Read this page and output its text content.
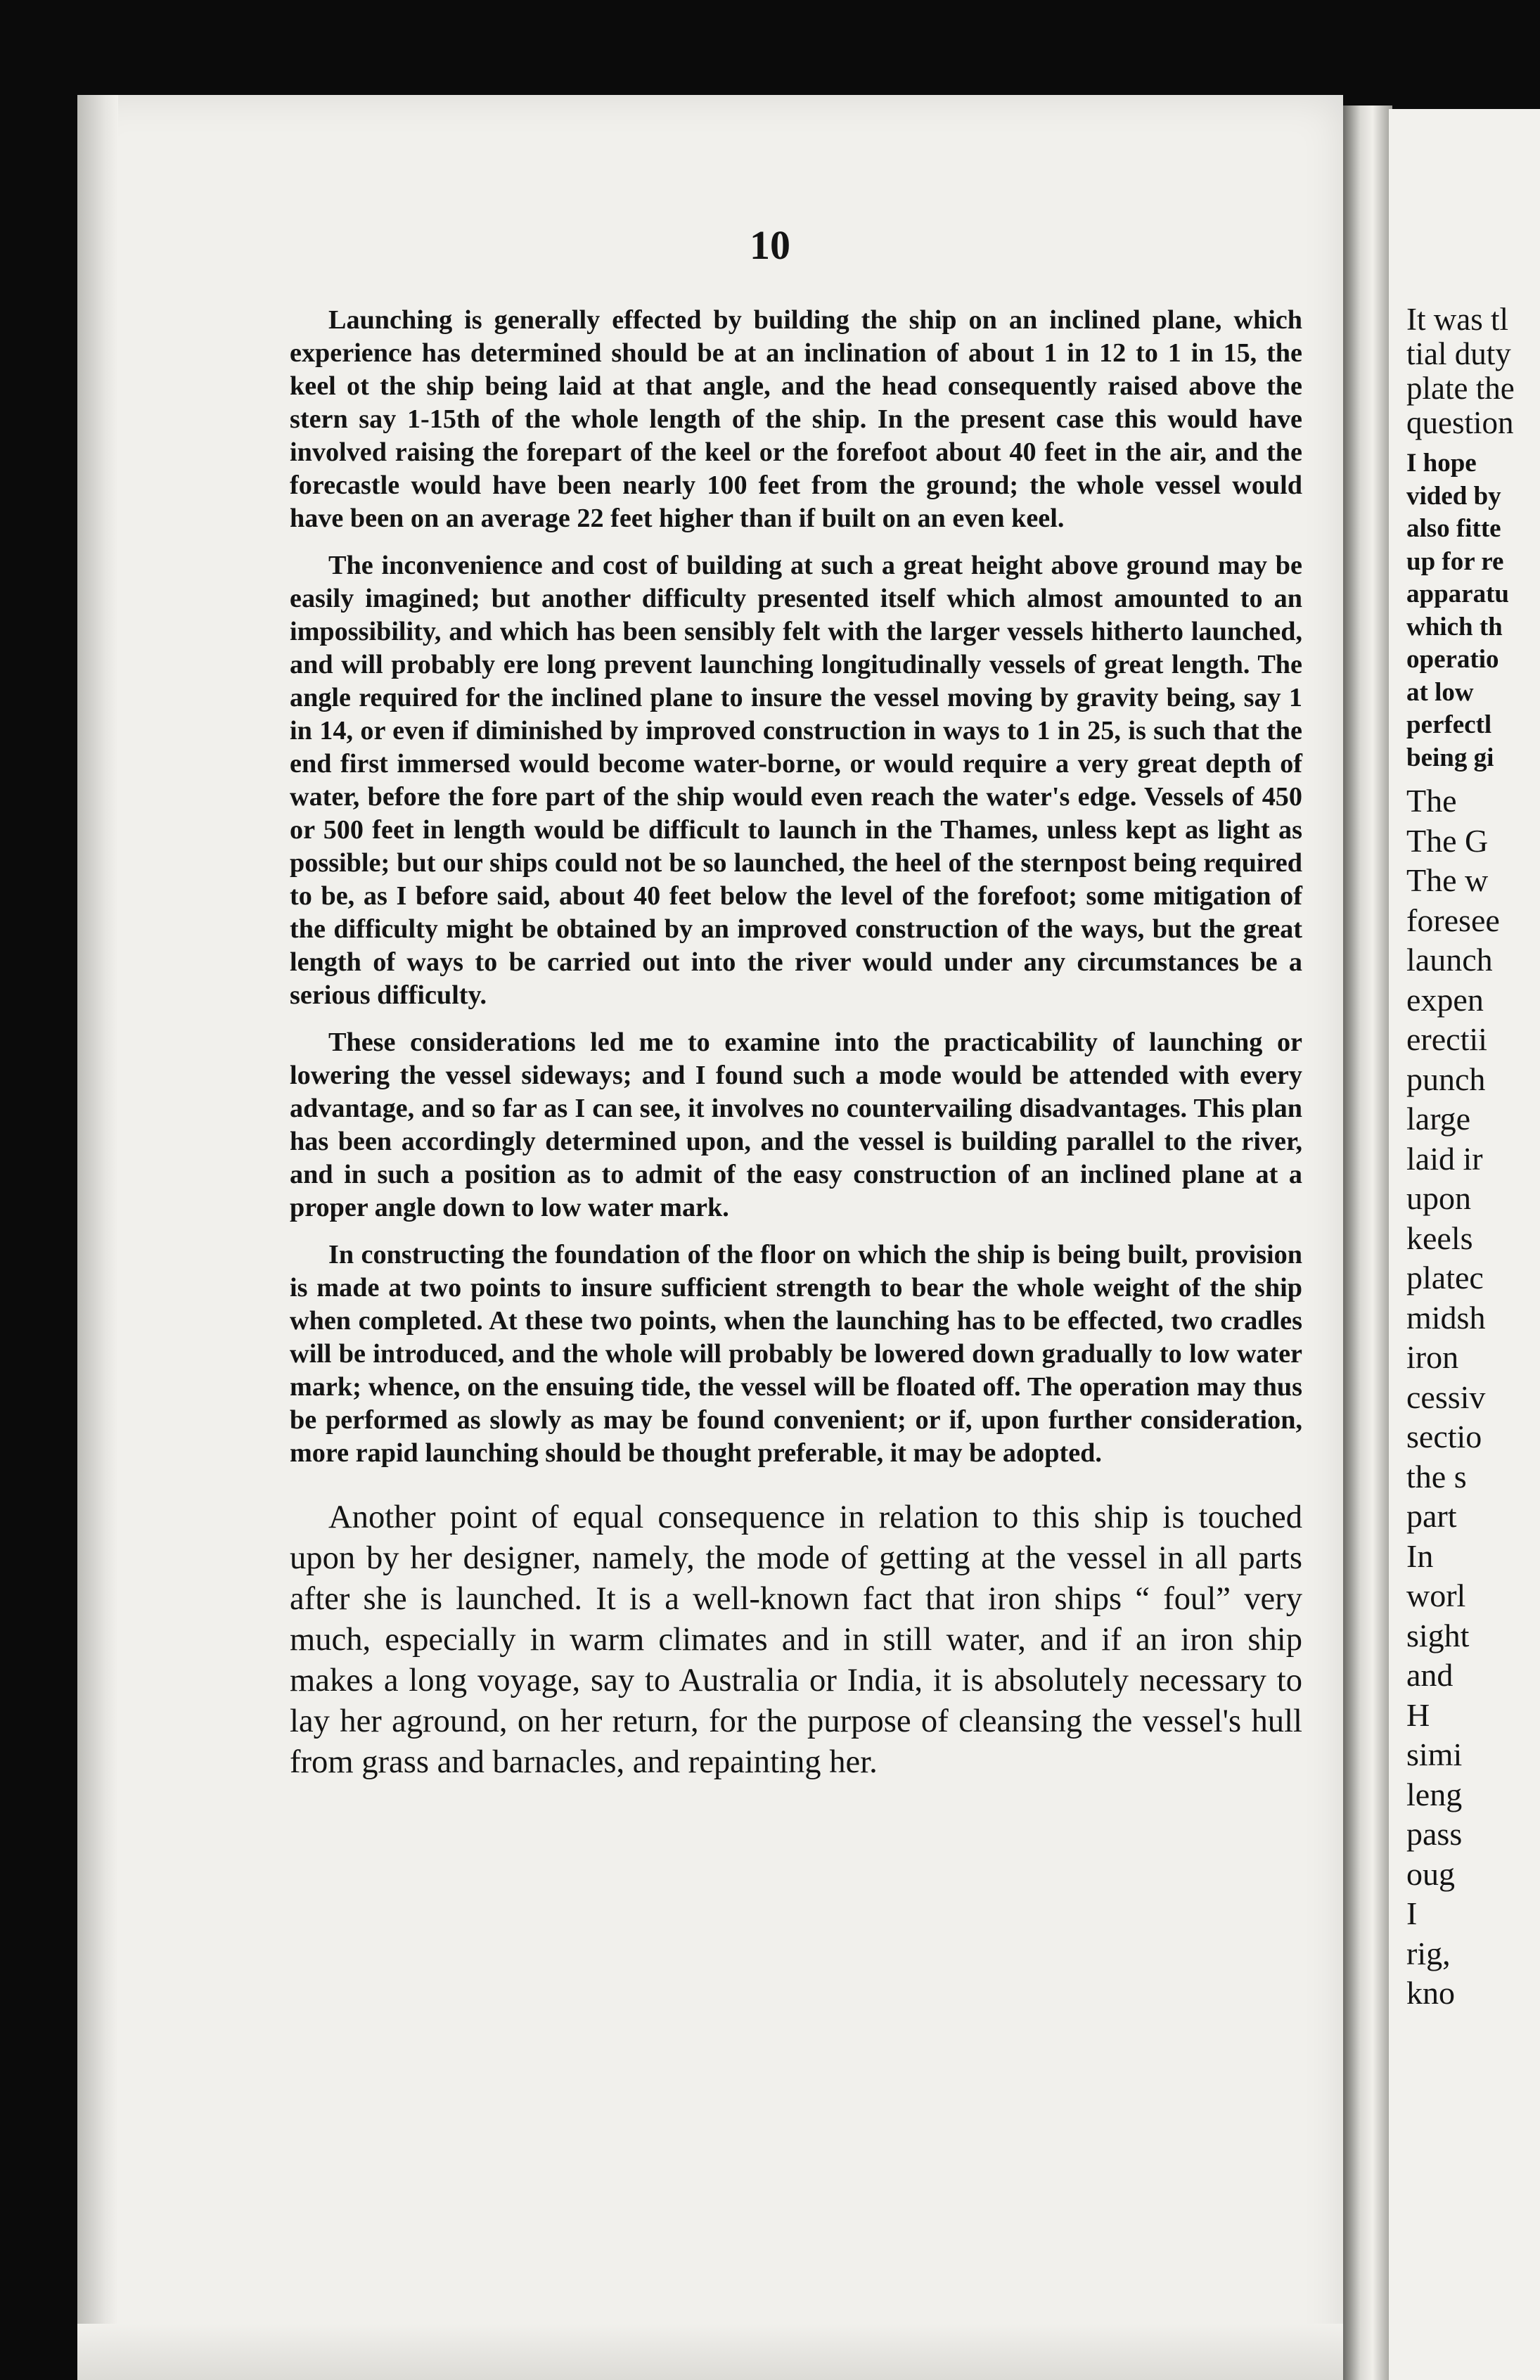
10

Launching is generally effected by building the ship on an inclined plane, which experience has determined should be at an inclination of about 1 in 12 to 1 in 15, the keel ot the ship being laid at that angle, and the head consequently raised above the stern say 1-15th of the whole length of the ship. In the present case this would have involved raising the forepart of the keel or the forefoot about 40 feet in the air, and the forecastle would have been nearly 100 feet from the ground; the whole vessel would have been on an average 22 feet higher than if built on an even keel.

The inconvenience and cost of building at such a great height above ground may be easily imagined; but another difficulty presented itself which almost amounted to an impossibility, and which has been sensibly felt with the larger vessels hitherto launched, and will probably ere long prevent launching longitudinally vessels of great length. The angle required for the inclined plane to insure the vessel moving by gravity being, say 1 in 14, or even if diminished by improved construction in ways to 1 in 25, is such that the end first immersed would become water-borne, or would require a very great depth of water, before the fore part of the ship would even reach the water's edge. Vessels of 450 or 500 feet in length would be difficult to launch in the Thames, unless kept as light as possible; but our ships could not be so launched, the heel of the sternpost being required to be, as I before said, about 40 feet below the level of the forefoot; some mitigation of the difficulty might be obtained by an improved construction of the ways, but the great length of ways to be carried out into the river would under any circumstances be a serious difficulty.

These considerations led me to examine into the practicability of launching or lowering the vessel sideways; and I found such a mode would be attended with every advantage, and so far as I can see, it involves no countervailing disadvantages. This plan has been accordingly determined upon, and the vessel is building parallel to the river, and in such a position as to admit of the easy construction of an inclined plane at a proper angle down to low water mark.

In constructing the foundation of the floor on which the ship is being built, provision is made at two points to insure sufficient strength to bear the whole weight of the ship when completed. At these two points, when the launching has to be effected, two cradles will be introduced, and the whole will probably be lowered down gradually to low water mark; whence, on the ensuing tide, the vessel will be floated off. The operation may thus be performed as slowly as may be found convenient; or if, upon further consideration, more rapid launching should be thought preferable, it may be adopted.

Another point of equal consequence in relation to this ship is touched upon by her designer, namely, the mode of getting at the vessel in all parts after she is launched. It is a well-known fact that iron ships “ foul” very much, especially in warm climates and in still water, and if an iron ship makes a long voyage, say to Australia or India, it is absolutely necessary to lay her aground, on her return, for the purpose of cleansing the vessel's hull from grass and barnacles, and repainting her.

It was tl
tial duty
plate the
question
I hope
vided by
also fitte
up for re
apparatu
which th
operatio
at low
perfectl
being gi
The
The G
The w
foresee
launch
expen
erectii
punch
large
laid ir
upon
keels
platec
midsh
iron
cessiv
sectio
the s
part
In
worl
sight
and
H
simi
leng
pass
oug
I
rig,
kno
